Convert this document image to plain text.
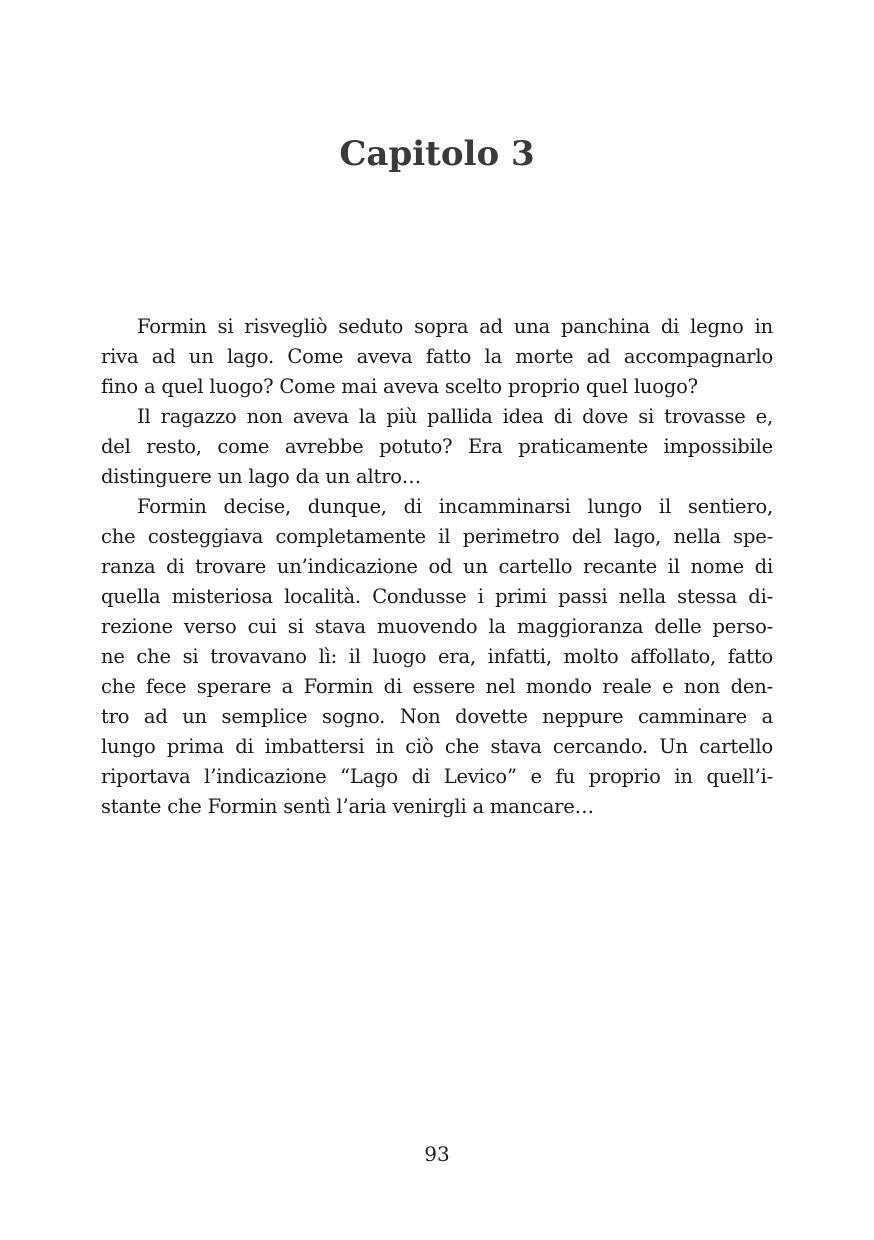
Capitolo 3
Formin si risvegliò seduto sopra ad una panchina di legno in
riva ad un lago. Come aveva fatto la morte ad accompagnarlo
fino a quel luogo? Come mai aveva scelto proprio quel luogo?
Il ragazzo non aveva la più pallida idea di dove si trovasse e,
del resto, come avrebbe potuto? Era praticamente impossibile
distinguere un lago da un altro…
Formin decise, dunque, di incamminarsi lungo il sentiero,
che costeggiava completamente il perimetro del lago, nella spe-
ranza di trovare un’indicazione od un cartello recante il nome di
quella misteriosa località. Condusse i primi passi nella stessa di-
rezione verso cui si stava muovendo la maggioranza delle perso-
ne che si trovavano lì: il luogo era, infatti, molto affollato, fatto
che fece sperare a Formin di essere nel mondo reale e non den-
tro ad un semplice sogno. Non dovette neppure camminare a
lungo prima di imbattersi in ciò che stava cercando. Un cartello
riportava l’indicazione “Lago di Levico” e fu proprio in quell’i-
stante che Formin sentì l’aria venirgli a mancare…
93
